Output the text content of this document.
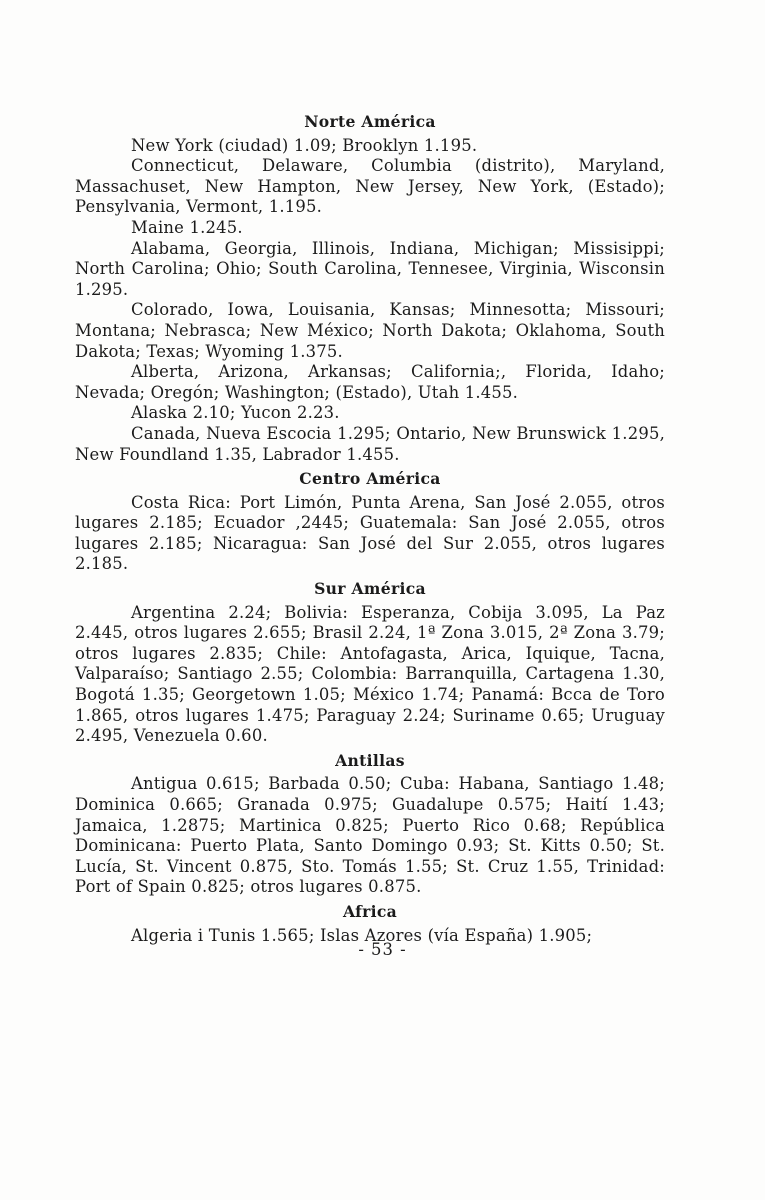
Norte América

New York (ciudad) 1.09; Brooklyn 1.195.

Connecticut, Delaware, Columbia (distrito), Maryland, Massachuset, New Hampton, New Jersey, New York, (Estado); Pensylvania, Vermont, 1.195.

Maine 1.245.

Alabama, Georgia, Illinois, Indiana, Michigan; Missisippi; North Carolina; Ohio; South Carolina, Tennesee, Virginia, Wisconsin 1.295.

Colorado, Iowa, Louisania, Kansas; Minnesotta; Missouri; Montana; Nebrasca; New México; North Dakota; Oklahoma, South Dakota; Texas; Wyoming 1.375.

Alberta, Arizona, Arkansas; California;, Florida, Idaho; Nevada; Oregón; Washington; (Estado), Utah 1.455.

Alaska 2.10; Yucon 2.23.

Canada, Nueva Escocia 1.295; Ontario, New Brunswick 1.295, New Foundland 1.35, Labrador 1.455.

Centro América

Costa Rica: Port Limón, Punta Arena, San José 2.055, otros lugares 2.185; Ecuador ,2445; Guatemala: San José 2.055, otros lugares 2.185; Nicaragua: San José del Sur 2.055, otros lugares 2.185.

Sur América

Argentina 2.24; Bolivia: Esperanza, Cobija 3.095, La Paz 2.445, otros lugares 2.655; Brasil 2.24, 1ª Zona 3.015, 2ª Zona 3.79; otros lugares 2.835; Chile: Antofagasta, Arica, Iquique, Tacna, Valparaíso; Santiago 2.55; Colombia: Barranquilla, Cartagena 1.30, Bogotá 1.35; Georgetown 1.05; México 1.74; Panamá: Bcca de Toro 1.865, otros lugares 1.475; Paraguay 2.24; Suriname 0.65; Uruguay 2.495, Venezuela 0.60.

Antillas

Antigua 0.615; Barbada 0.50; Cuba: Habana, Santiago 1.48; Dominica 0.665; Granada 0.975; Guadalupe 0.575; Haití 1.43; Jamaica, 1.2875; Martinica 0.825; Puerto Rico 0.68; República Dominicana: Puerto Plata, Santo Domingo 0.93; St. Kitts 0.50; St. Lucía, St. Vincent 0.875, Sto. Tomás 1.55; St. Cruz 1.55, Trinidad: Port of Spain 0.825; otros lugares 0.875.

Africa

Algeria i Tunis 1.565; Islas Azores (vía España) 1.905;

- 53 -
